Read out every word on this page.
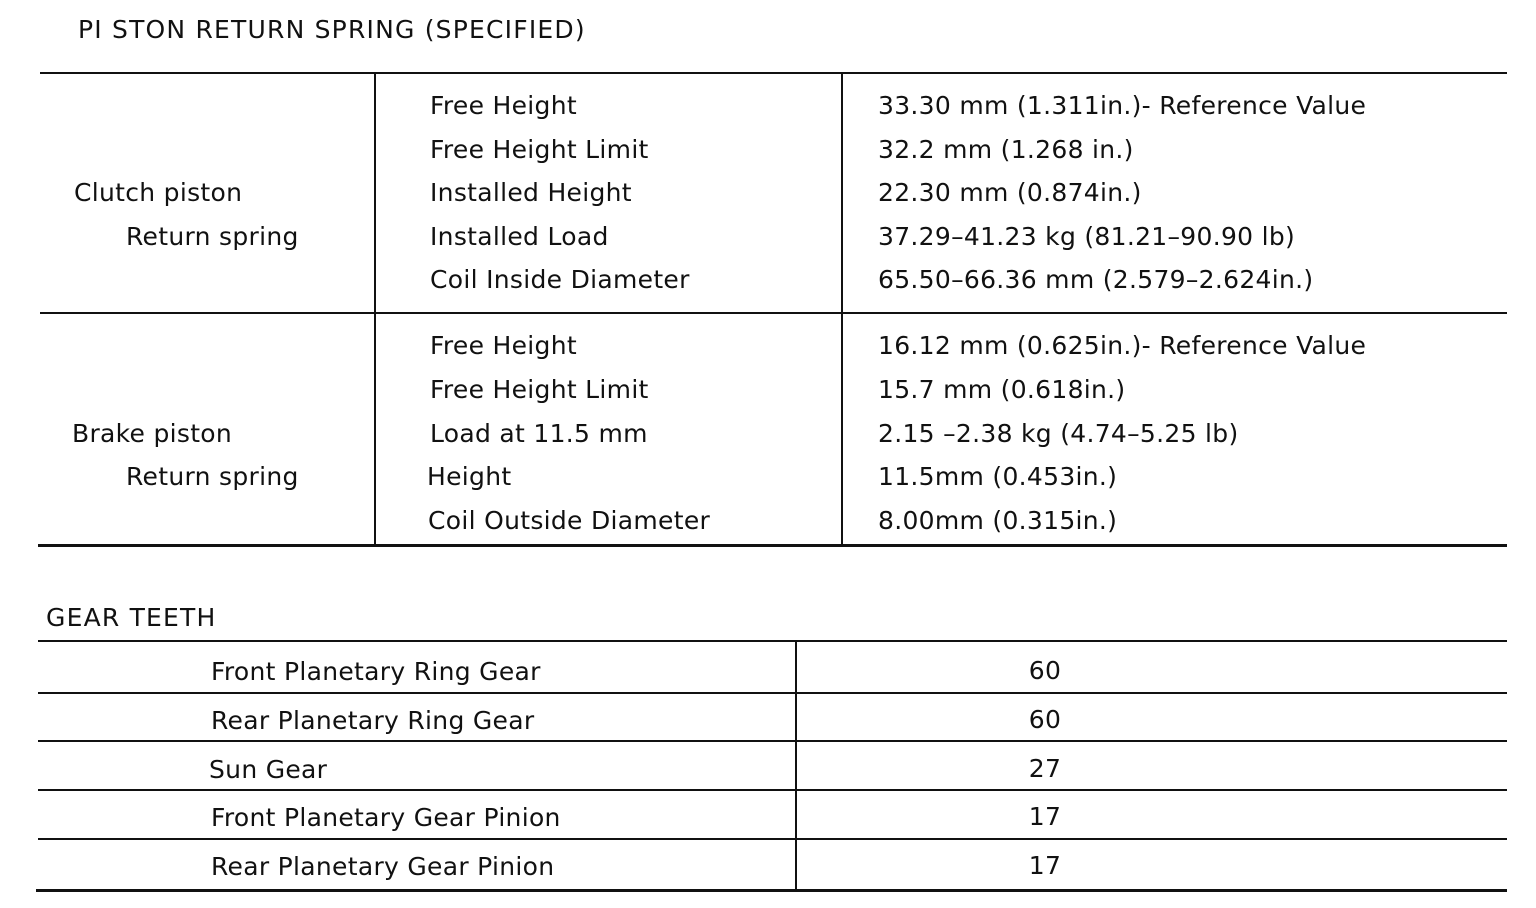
PI STON RETURN SPRING (SPECIFIED)
Clutch piston
Return spring
Free Height	33.30 mm (1.311in.)- Reference Value
Free Height Limit	32.2 mm (1.268 in.)
Installed Height	22.30 mm (0.874in.)
Installed Load	37.29–41.23 kg (81.21–90.90 lb)
Coil Inside Diameter	65.50–66.36 mm (2.579–2.624in.)
Brake piston
Return spring
Free Height	16.12 mm (0.625in.)- Reference Value
Free Height Limit	15.7 mm (0.618in.)
Load at 11.5 mm	2.15 –2.38 kg (4.74–5.25 lb)
Height	11.5mm (0.453in.)
Coil Outside Diameter	8.00mm (0.315in.)
GEAR TEETH
Front Planetary Ring Gear	60
Rear Planetary Ring Gear	60
Sun Gear	27
Front Planetary Gear Pinion	17
Rear Planetary Gear Pinion	17
